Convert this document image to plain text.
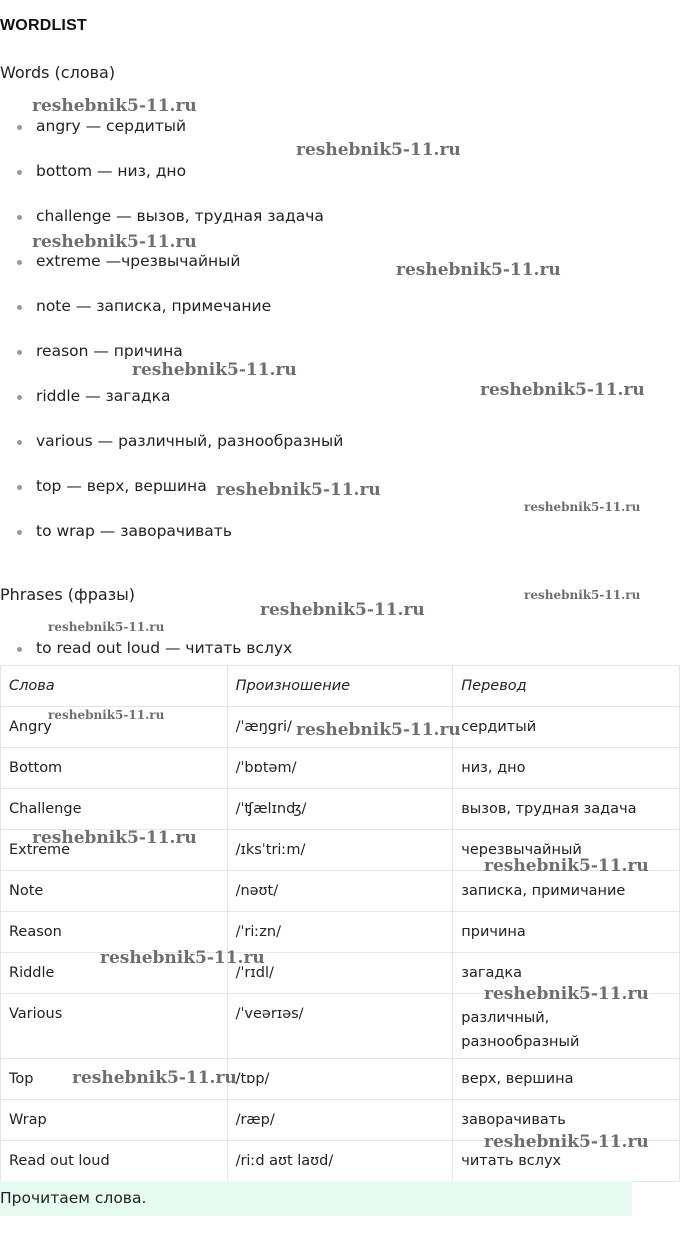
WORDLIST
Words (слова)
angry — сердитый
bottom — низ, дно
challenge — вызов, трудная задача
extreme —чрезвычайный
note — записка, примечание
reason — причина
riddle — загадка
various — различный, разнообразный
top — верх, вершина
to wrap — заворачивать
Phrases (фразы)
to read out loud — читать вслух
Слова	Произношение	Перевод
Angry	/ˈæŋgri/	сердитый
Bottom	/ˈbɒtəm/	низ, дно
Challenge	/ˈʧælɪnʤ/	вызов, трудная задача
Extreme	/ɪksˈtriːm/	черезвычайный
Note	/nəʊt/	записка, примичание
Reason	/ˈriːzn/	причина
Riddle	/ˈrɪdl/	загадка
Various	/ˈveərɪəs/	различный, разнообразный
Top	/tɒp/	верх, вершина
Wrap	/ræp/	заворачивать
Read out loud	/riːd aʊt laʊd/	читать вслух
Прочитаем слова.
reshebnik5-11.ru
reshebnik5-11.ru
reshebnik5-11.ru
reshebnik5-11.ru
reshebnik5-11.ru
reshebnik5-11.ru
reshebnik5-11.ru
reshebnik5-11.ru
reshebnik5-11.ru
reshebnik5-11.ru
reshebnik5-11.ru
reshebnik5-11.ru
reshebnik5-11.ru
reshebnik5-11.ru
reshebnik5-11.ru
reshebnik5-11.ru
reshebnik5-11.ru
reshebnik5-11.ru
reshebnik5-11.ru
